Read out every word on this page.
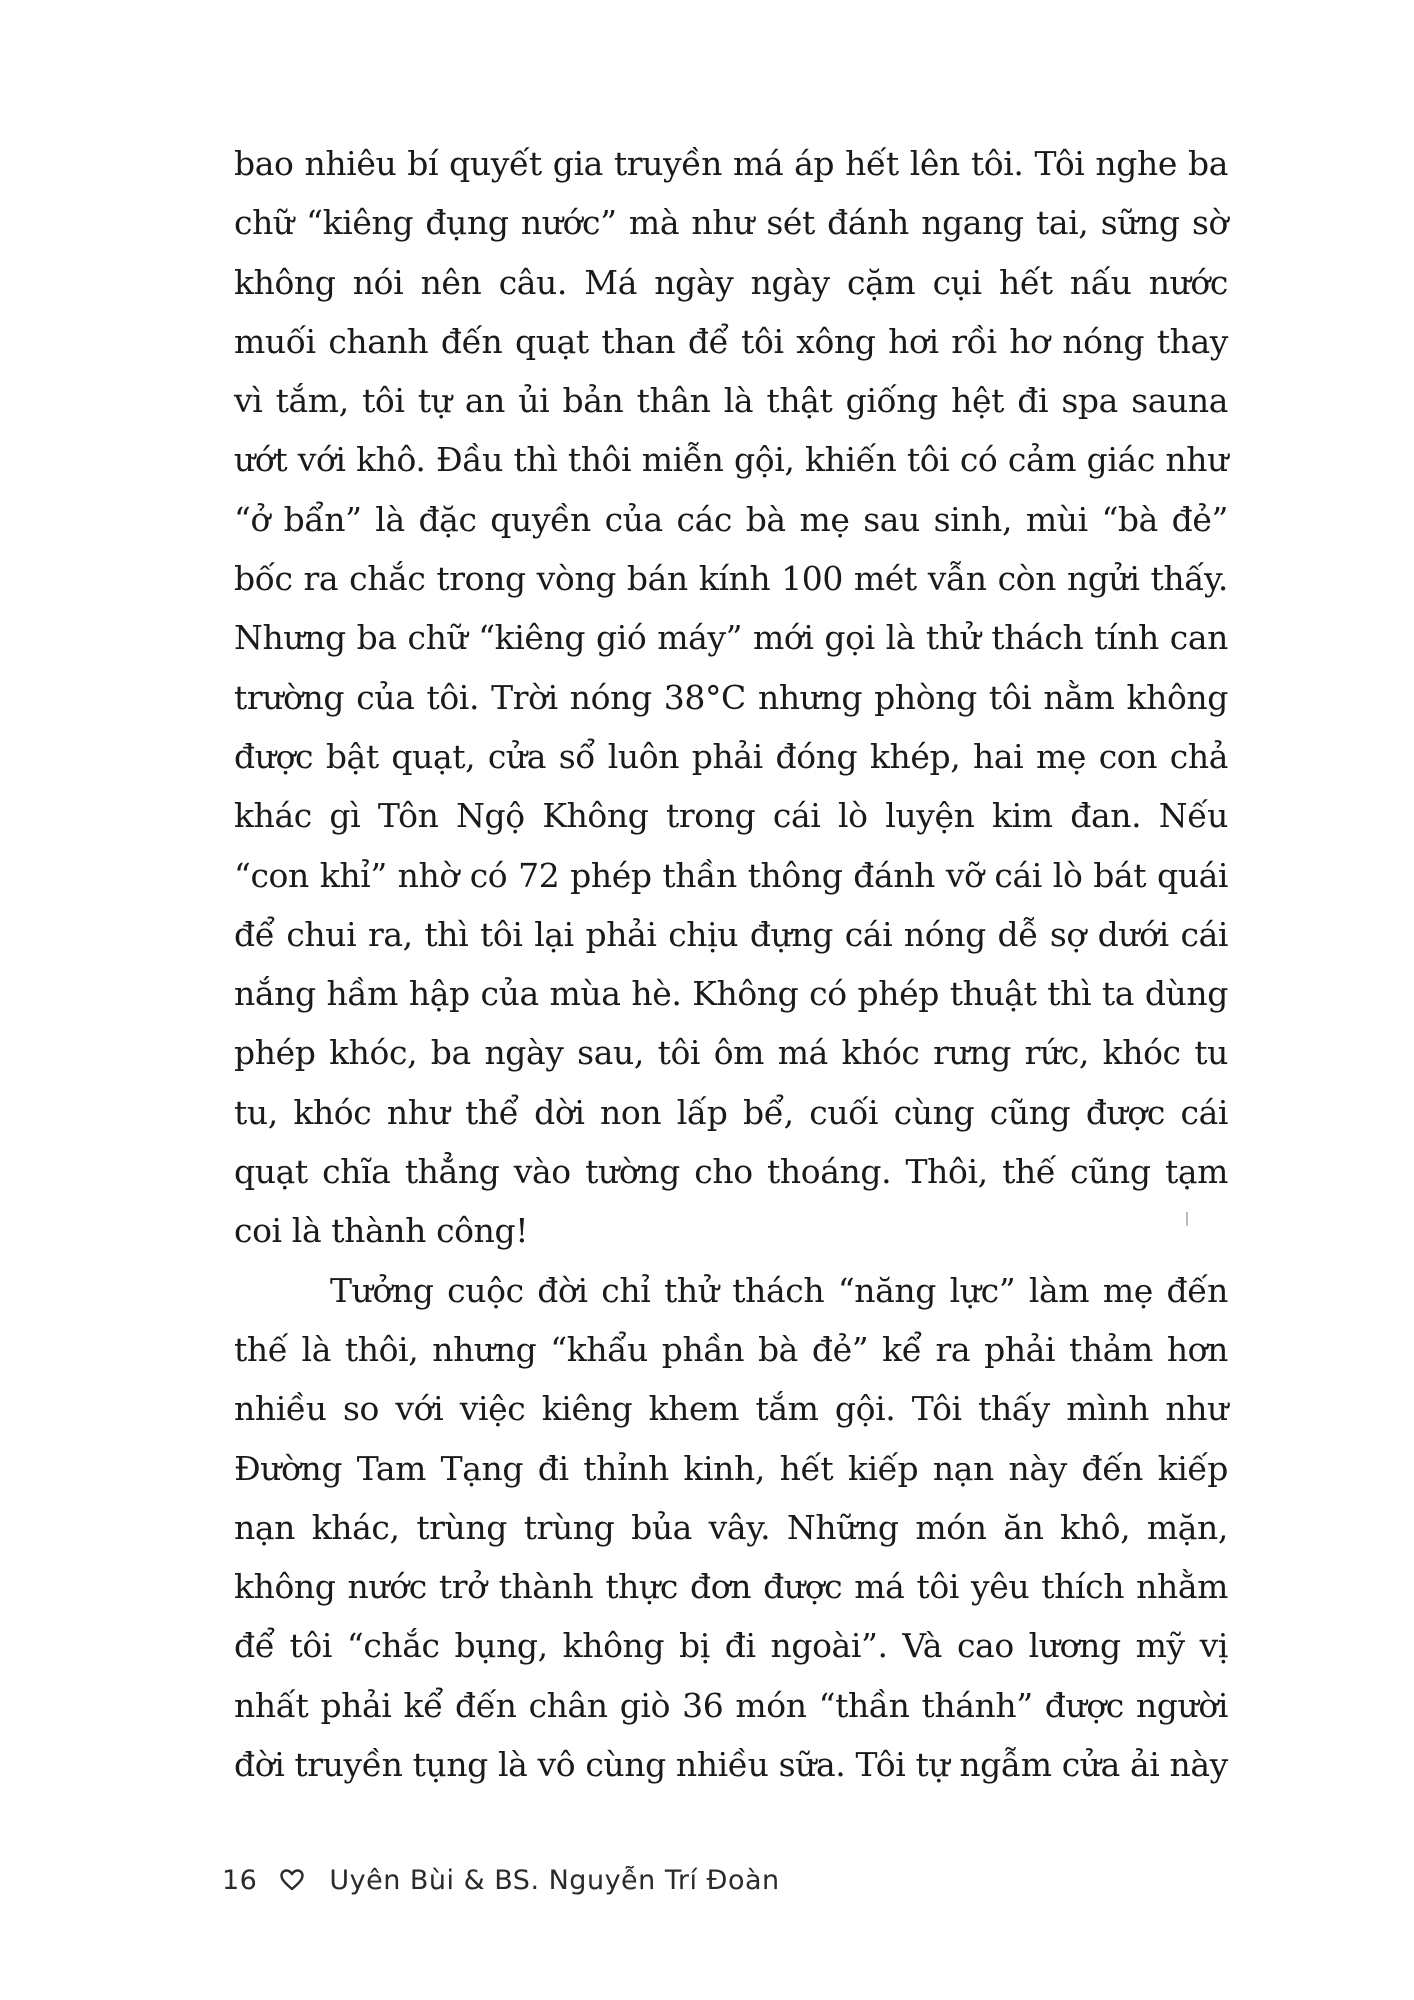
bao nhiêu bí quyết gia truyền má áp hết lên tôi. Tôi nghe ba chữ “kiêng đụng nước” mà như sét đánh ngang tai, sững sờ không nói nên câu. Má ngày ngày cặm cụi hết nấu nước muối chanh đến quạt than để tôi xông hơi rồi hơ nóng thay vì tắm, tôi tự an ủi bản thân là thật giống hệt đi spa sauna ướt với khô. Đầu thì thôi miễn gội, khiến tôi có cảm giác như “ở bẩn” là đặc quyền của các bà mẹ sau sinh, mùi “bà đẻ” bốc ra chắc trong vòng bán kính 100 mét vẫn còn ngửi thấy. Nhưng ba chữ “kiêng gió máy” mới gọi là thử thách tính can trường của tôi. Trời nóng 38°C nhưng phòng tôi nằm không được bật quạt, cửa sổ luôn phải đóng khép, hai mẹ con chả khác gì Tôn Ngộ Không trong cái lò luyện kim đan. Nếu “con khỉ” nhờ có 72 phép thần thông đánh vỡ cái lò bát quái để chui ra, thì tôi lại phải chịu đựng cái nóng dễ sợ dưới cái nắng hầm hập của mùa hè. Không có phép thuật thì ta dùng phép khóc, ba ngày sau, tôi ôm má khóc rưng rức, khóc tu tu, khóc như thể dời non lấp bể, cuối cùng cũng được cái quạt chĩa thẳng vào tường cho thoáng. Thôi, thế cũng tạm coi là thành công!

Tưởng cuộc đời chỉ thử thách “năng lực” làm mẹ đến thế là thôi, nhưng “khẩu phần bà đẻ” kể ra phải thảm hơn nhiều so với việc kiêng khem tắm gội. Tôi thấy mình như Đường Tam Tạng đi thỉnh kinh, hết kiếp nạn này đến kiếp nạn khác, trùng trùng bủa vây. Những món ăn khô, mặn, không nước trở thành thực đơn được má tôi yêu thích nhằm để tôi “chắc bụng, không bị đi ngoài”. Và cao lương mỹ vị nhất phải kể đến chân giò 36 món “thần thánh” được người đời truyền tụng là vô cùng nhiều sữa. Tôi tự ngẫm cửa ải này

16	Uyên Bùi & BS. Nguyễn Trí Đoàn
